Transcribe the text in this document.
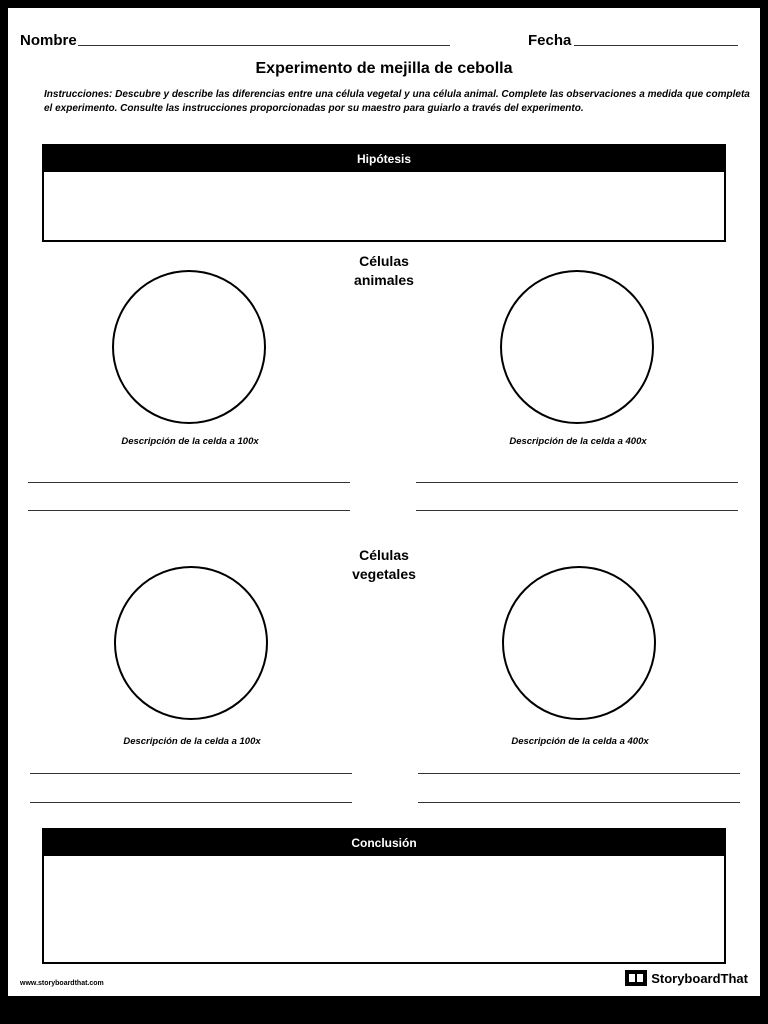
Nombre	Fecha
Experimento de mejilla de cebolla
Instrucciones: Descubre y describe las diferencias entre una célula vegetal y una célula animal. Complete las observaciones a medida que completa el experimento. Consulte las instrucciones proporcionadas por su maestro para guiarlo a través del experimento.
Hipótesis
Células
animales
Descripción de la celda a 100x	Descripción de la celda a 400x
Células
vegetales
Descripción de la celda a 100x	Descripción de la celda a 400x
Conclusión
www.storyboardthat.com	StoryboardThat
